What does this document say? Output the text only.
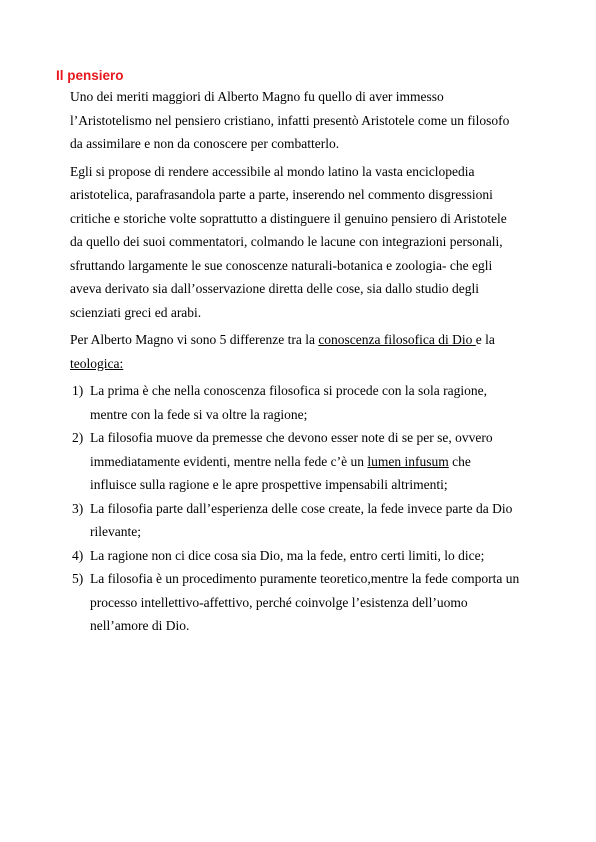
Il pensiero

Uno dei meriti maggiori di Alberto Magno fu quello di aver immesso
l’Aristotelismo nel pensiero cristiano, infatti presentò Aristotele come un filosofo
da assimilare e non da conoscere per combatterlo.

Egli si propose di rendere accessibile al mondo latino la vasta enciclopedia
aristotelica, parafrasandola parte a parte, inserendo nel commento disgressioni
critiche e storiche volte soprattutto a distinguere il genuino pensiero di Aristotele
da quello dei suoi commentatori, colmando le lacune con integrazioni personali,
sfruttando largamente le sue conoscenze naturali-botanica e zoologia- che egli
aveva derivato sia dall’osservazione diretta delle cose, sia dallo studio degli
scienziati greci ed arabi.

Per Alberto Magno vi sono 5 differenze tra la conoscenza filosofica di Dio e la
teologica:

1) La prima è che nella conoscenza filosofica si procede con la sola ragione,
mentre con la fede si va oltre la ragione;
2) La filosofia muove da premesse che devono esser note di se per se, ovvero
immediatamente evidenti, mentre nella fede c’è un lumen infusum che
influisce sulla ragione e le apre prospettive impensabili altrimenti;
3) La filosofia parte dall’esperienza delle cose create, la fede invece parte da Dio
rilevante;
4) La ragione non ci dice cosa sia Dio, ma la fede, entro certi limiti, lo dice;
5) La filosofia è un procedimento puramente teoretico,mentre la fede comporta un
processo intellettivo-affettivo, perché coinvolge l’esistenza dell’uomo
nell’amore di Dio.
